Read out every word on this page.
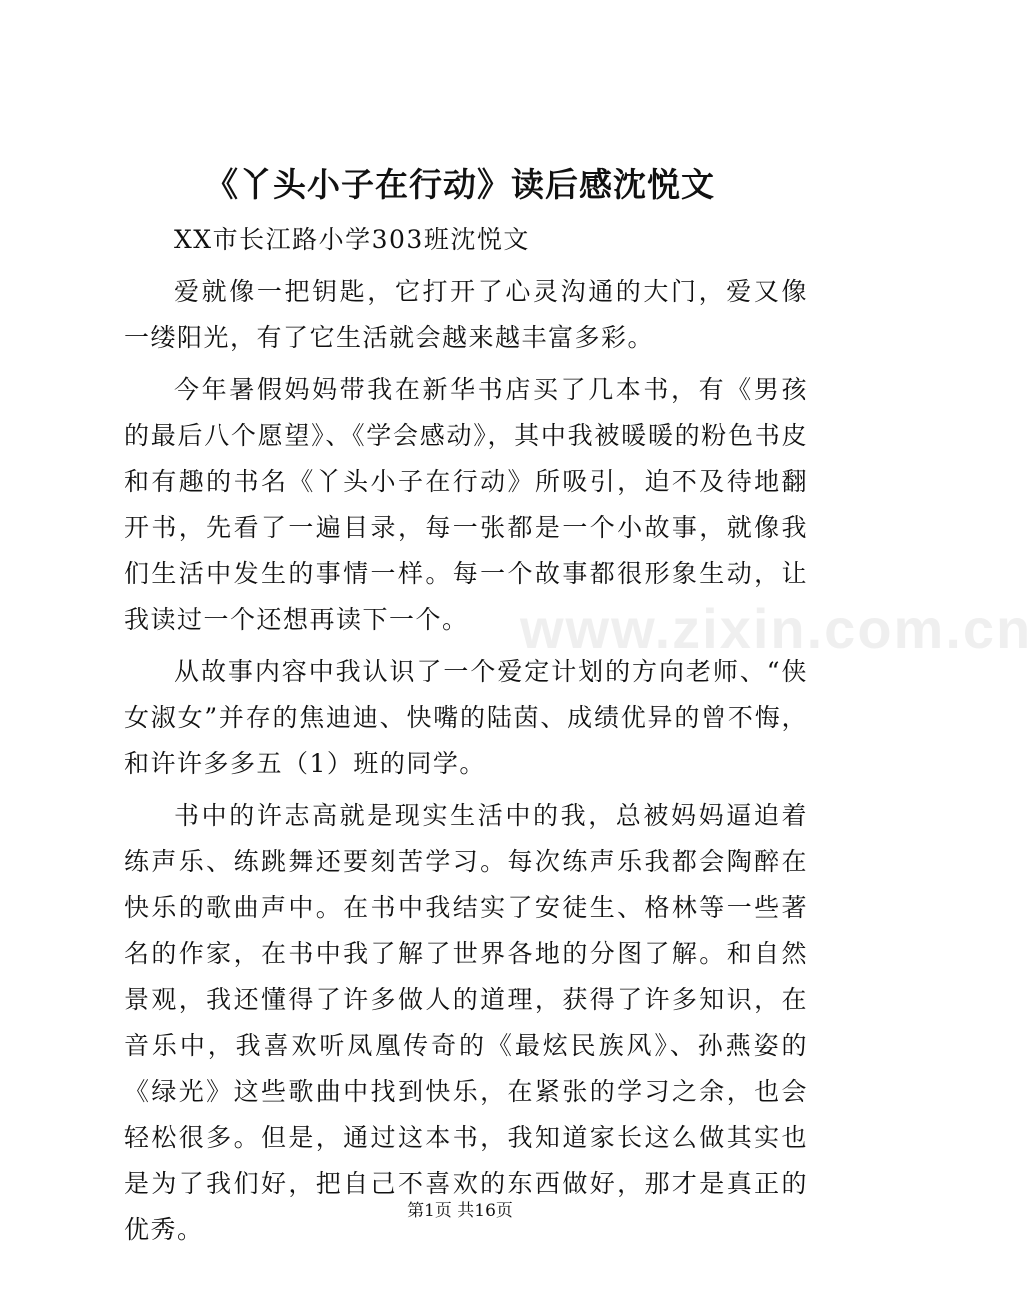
《丫头小子在行动》读后感沈悦文

XX市长江路小学303班沈悦文

爱就像一把钥匙，它打开了心灵沟通的大门，爱又像一缕阳光，有了它生活就会越来越丰富多彩。

今年暑假妈妈带我在新华书店买了几本书，有《男孩的最后八个愿望》、《学会感动》，其中我被暖暖的粉色书皮和有趣的书名《丫头小子在行动》所吸引，迫不及待地翻开书，先看了一遍目录，每一张都是一个小故事，就像我们生活中发生的事情一样。每一个故事都很形象生动，让我读过一个还想再读下一个。

从故事内容中我认识了一个爱定计划的方向老师、“侠女淑女”并存的焦迪迪、快嘴的陆茵、成绩优异的曾不悔，和许许多多五（1）班的同学。

书中的许志高就是现实生活中的我，总被妈妈逼迫着练声乐、练跳舞还要刻苦学习。每次练声乐我都会陶醉在快乐的歌曲声中。在书中我结实了安徒生、格林等一些著名的作家，在书中我了解了世界各地的分图了解。和自然景观，我还懂得了许多做人的道理，获得了许多知识，在音乐中，我喜欢听凤凰传奇的《最炫民族风》、孙燕姿的《绿光》这些歌曲中找到快乐，在紧张的学习之余，也会轻松很多。但是，通过这本书，我知道家长这么做其实也是为了我们好，把自己不喜欢的东西做好，那才是真正的优秀。

www.zixin.com.cn
第1页 共16页
